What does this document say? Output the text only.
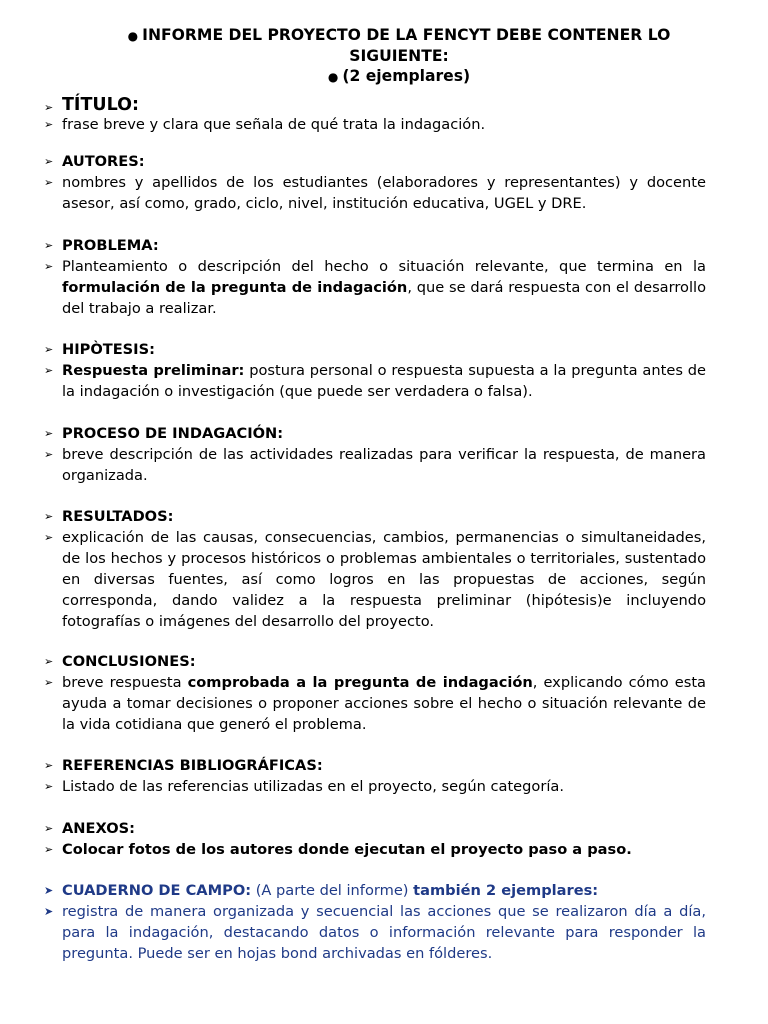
● INFORME DEL PROYECTO DE LA FENCYT DEBE CONTENER LO
SIGUIENTE:
● (2 ejemplares)
➢ TÍTULO:
➢ frase breve y clara que señala de qué trata la indagación.
➢ AUTORES:
➢ nombres y apellidos de los estudiantes (elaboradores y representantes) y docente asesor, así como, grado, ciclo, nivel, institución educativa, UGEL y DRE.
➢ PROBLEMA:
➢ Planteamiento o descripción del hecho o situación relevante, que termina en la formulación de la pregunta de indagación, que se dará respuesta con el desarrollo del trabajo a realizar.
➢ HIPÒTESIS:
➢ Respuesta preliminar: postura personal o respuesta supuesta a la pregunta antes de la indagación o investigación (que puede ser verdadera o falsa).
➢ PROCESO DE INDAGACIÓN:
➢ breve descripción de las actividades realizadas para verificar la respuesta, de manera organizada.
➢ RESULTADOS:
➢ explicación de las causas, consecuencias, cambios, permanencias o simultaneidades, de los hechos y procesos históricos o problemas ambientales o territoriales, sustentado en diversas fuentes, así como logros en las propuestas de acciones, según corresponda, dando validez a la respuesta preliminar (hipótesis)e incluyendo fotografías o imágenes del desarrollo del proyecto.
➢ CONCLUSIONES:
➢ breve respuesta comprobada a la pregunta de indagación, explicando cómo esta ayuda a tomar decisiones o proponer acciones sobre el hecho o situación relevante de la vida cotidiana que generó el problema.
➢ REFERENCIAS BIBLIOGRÁFICAS:
➢ Listado de las referencias utilizadas en el proyecto, según categoría.
➢ ANEXOS:
➢ Colocar fotos de los autores donde ejecutan el proyecto paso a paso.
➤ CUADERNO DE CAMPO: (A parte del informe) también 2 ejemplares:
➤ registra de manera organizada y secuencial las acciones que se realizaron día a día, para la indagación, destacando datos o información relevante para responder la pregunta. Puede ser en hojas bond archivadas en fólderes.
